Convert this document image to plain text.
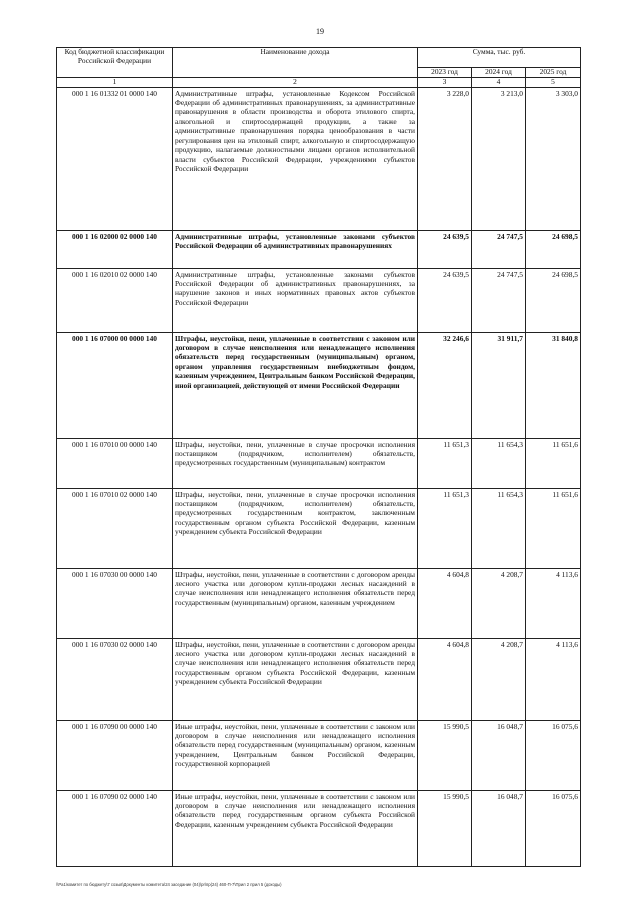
19
Код бюджетной классификации Российской Федерации	Наименование дохода	Сумма, тыс. руб.		
		2023 год	2024 год	2025 год
1	2	3	4	5
000 1 16 01332 01 0000 140	Административные штрафы, установленные Кодексом Российской Федерации об административных правонарушениях, за административные правонарушения в области производства и оборота этилового спирта, алкогольной и спиртосодержащей продукции, а также за административные правонарушения порядка ценообразования в части регулирования цен на этиловый спирт, алкогольную и спиртосодержащую продукцию, налагаемые должностными лицами органов исполнительной власти субъектов Российской Федерации, учреждениями субъектов Российской Федерации	3 228,0	3 213,0	3 303,0
000 1 16 02000 02 0000 140	Административные штрафы, установленные законами субъектов Российской Федерации об административных правонарушениях	24 639,5	24 747,5	24 698,5
000 1 16 02010 02 0000 140	Административные штрафы, установленные законами субъектов Российской Федерации об административных правонарушениях, за нарушение законов и иных нормативных правовых актов субъектов Российской Федерации	24 639,5	24 747,5	24 698,5
000 1 16 07000 00 0000 140	Штрафы, неустойки, пени, уплаченные в соответствии с законом или договором в случае неисполнения или ненадлежащего исполнения обязательств перед государственным (муниципальным) органом, органом управления государственным внебюджетным фондом, казенным учреждением, Центральным банком Российской Федерации, иной организацией, действующей от имени Российской Федерации	32 246,6	31 911,7	31 840,8
000 1 16 07010 00 0000 140	Штрафы, неустойки, пени, уплаченные в случае просрочки исполнения поставщиком (подрядчиком, исполнителем) обязательств, предусмотренных государственным (муниципальным) контрактом	11 651,3	11 654,3	11 651,6
000 1 16 07010 02 0000 140	Штрафы, неустойки, пени, уплаченные в случае просрочки исполнения поставщиком (подрядчиком, исполнителем) обязательств, предусмотренных государственным контрактом, заключенным государственным органом субъекта Российской Федерации, казенным учреждением субъекта Российской Федерации	11 651,3	11 654,3	11 651,6
000 1 16 07030 00 0000 140	Штрафы, неустойки, пени, уплаченные в соответствии с договором аренды лесного участка или договором купли-продажи лесных насаждений в случае неисполнения или ненадлежащего исполнения обязательств перед государственным (муниципальным) органом, казенным учреждением	4 604,8	4 208,7	4 113,6
000 1 16 07030 02 0000 140	Штрафы, неустойки, пени, уплаченные в соответствии с договором аренды лесного участка или договором купли-продажи лесных насаждений в случае неисполнения или ненадлежащего исполнения обязательств перед государственным органом субъекта Российской Федерации, казенным учреждением субъекта Российской Федерации	4 604,8	4 208,7	4 113,6
000 1 16 07090 00 0000 140	Иные штрафы, неустойки, пени, уплаченные в соответствии с законом или договором в случае неисполнения или ненадлежащего исполнения обязательств перед государственным (муниципальным) органом, казенным учреждением, Центральным банком Российской Федерации, государственной корпорацией	15 990,5	16 048,7	16 075,6
000 1 16 07090 02 0000 140	Иные штрафы, неустойки, пени, уплаченные в соответствии с законом или договором в случае неисполнения или ненадлежащего исполнения обязательств перед государственным органом субъекта Российской Федерации, казенным учреждением субъекта Российской Федерации	15 990,5	16 048,7	16 075,6
\\Pa1\комитет по бюджету\7 созыв\Документы комитета\24 заседание (04)\pr\пр(24) 460-П-7\Прил 2 прил 5 (доходы)
